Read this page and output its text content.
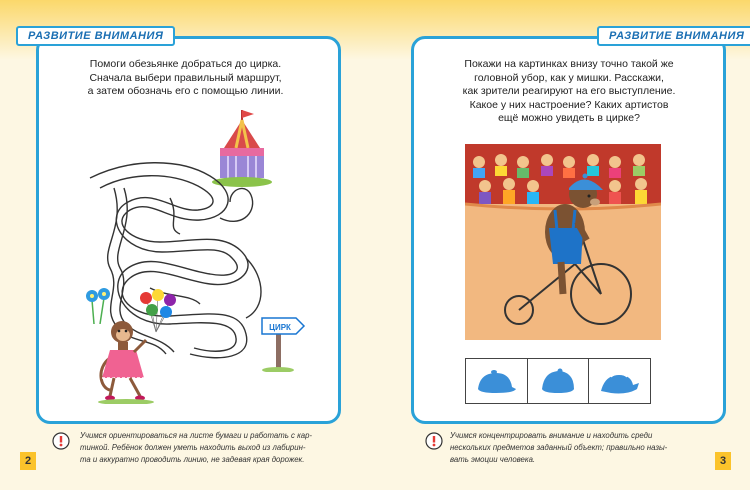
РАЗВИТИЕ ВНИМАНИЯ
Помоги обезьянке добраться до цирка.
Сначала выбери правильный маршрут,
а затем обозначь его с помощью линии.
ЦИРК
Учимся ориентироваться на листе бумаги и работать с кар-
тинкой. Ребёнок должен уметь находить выход из лабирин-
та и аккуратно проводить линию, не задевая края дорожек.
2
РАЗВИТИЕ ВНИМАНИЯ
Покажи на картинках внизу точно такой же
головной убор, как у мишки. Расскажи,
как зрители реагируют на его выступление.
Какое у них настроение? Каких артистов
ещё можно увидеть в цирке?
Учимся концентрировать внимание и находить среди
нескольких предметов заданный объект; правильно назы-
вать эмоции человека.	3
